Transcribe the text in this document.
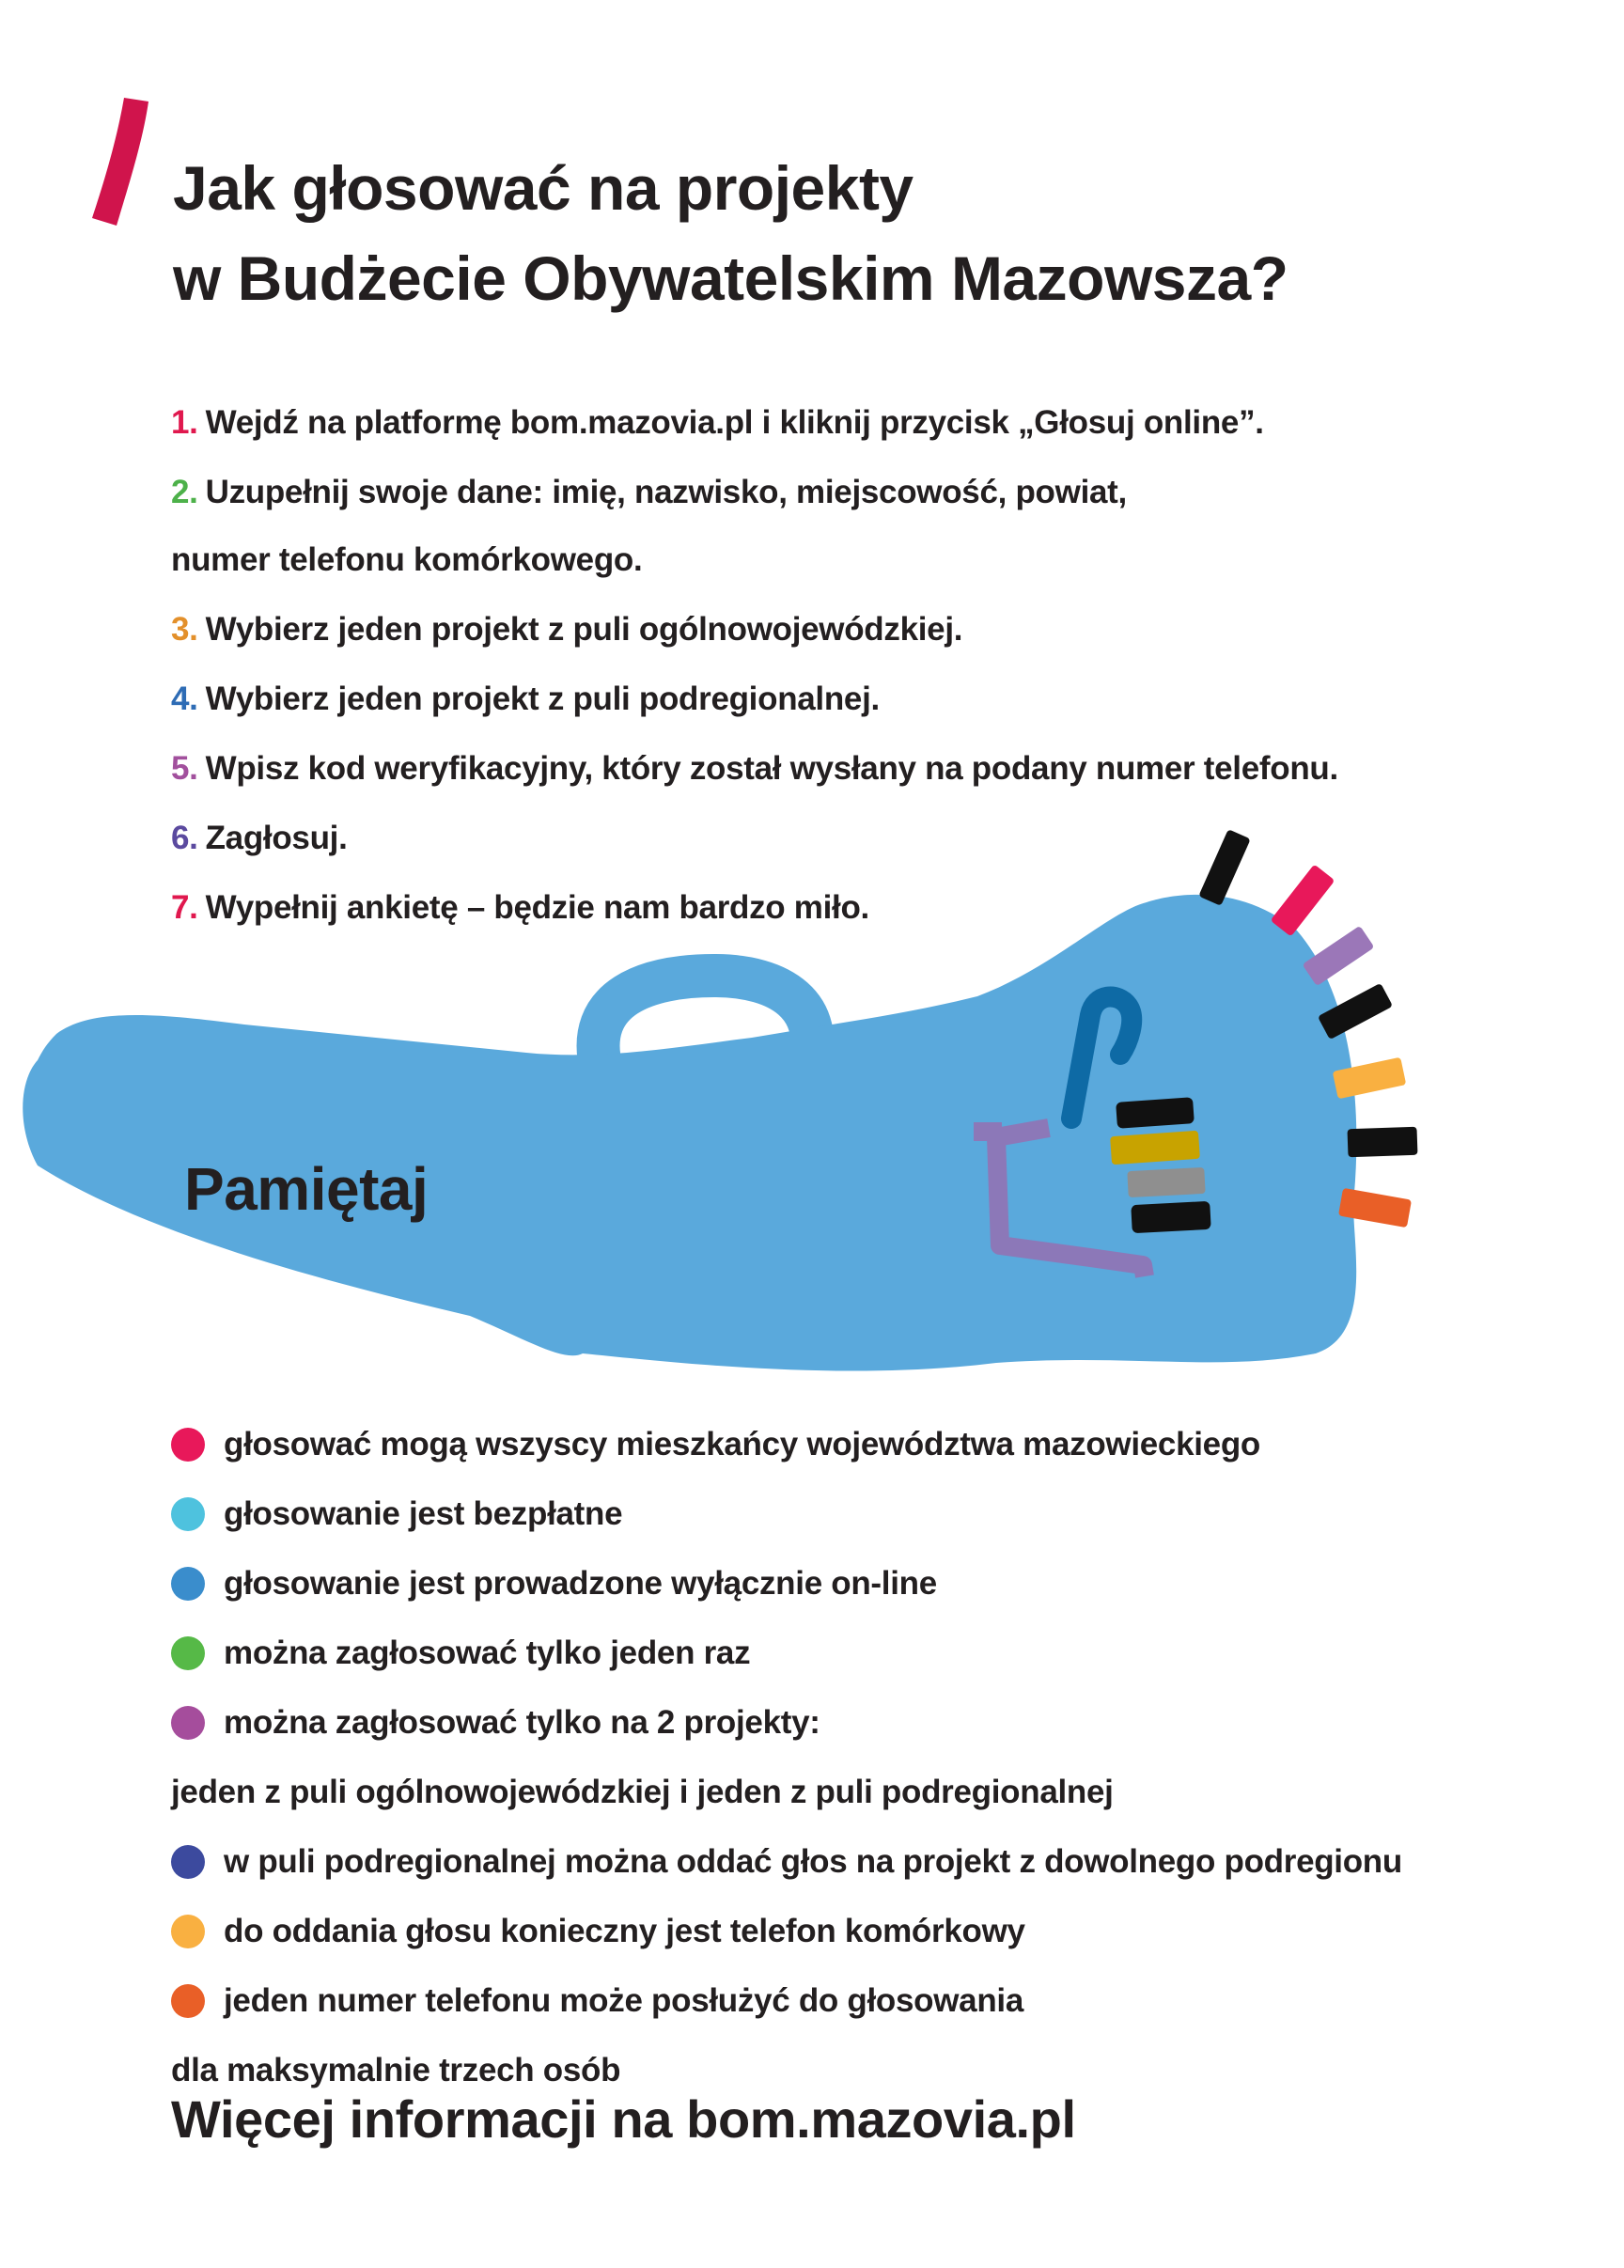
Jak głosować na projekty
w Budżecie Obywatelskim Mazowsza?
1. Wejdź na platformę bom.mazovia.pl i kliknij przycisk „Głosuj online”.
2. Uzupełnij swoje dane: imię, nazwisko, miejscowość, powiat,
numer telefonu komórkowego.
3. Wybierz jeden projekt z puli ogólnowojewódzkiej.
4. Wybierz jeden projekt z puli podregionalnej.
5. Wpisz kod weryfikacyjny, który został wysłany na podany numer telefonu.
6. Zagłosuj.
7. Wypełnij ankietę – będzie nam bardzo miło.
Pamiętaj
głosować mogą wszyscy mieszkańcy województwa mazowieckiego
głosowanie jest bezpłatne
głosowanie jest prowadzone wyłącznie on-line
można zagłosować tylko jeden raz
można zagłosować tylko na 2 projekty:
jeden z puli ogólnowojewódzkiej i jeden z puli podregionalnej
w puli podregionalnej można oddać głos na projekt z dowolnego podregionu
do oddania głosu konieczny jest telefon komórkowy
jeden numer telefonu może posłużyć do głosowania
dla maksymalnie trzech osób

Więcej informacji na bom.mazovia.pl
